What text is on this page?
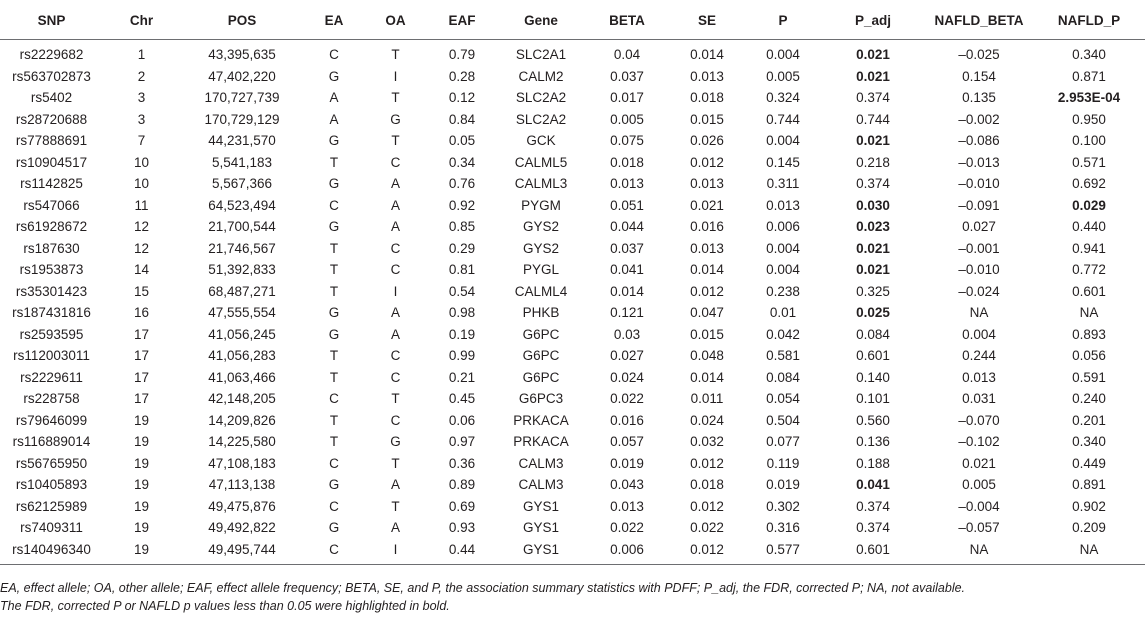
SNP	Chr	POS	EA	OA	EAF	Gene	BETA	SE	P	P_adj	NAFLD_BETA	NAFLD_P
rs2229682	1	43,395,635	C	T	0.79	SLC2A1	0.04	0.014	0.004	0.021	–0.025	0.340
rs563702873	2	47,402,220	G	I	0.28	CALM2	0.037	0.013	0.005	0.021	0.154	0.871
rs5402	3	170,727,739	A	T	0.12	SLC2A2	0.017	0.018	0.324	0.374	0.135	2.953E-04
rs28720688	3	170,729,129	A	G	0.84	SLC2A2	0.005	0.015	0.744	0.744	–0.002	0.950
rs77888691	7	44,231,570	G	T	0.05	GCK	0.075	0.026	0.004	0.021	–0.086	0.100
rs10904517	10	5,541,183	T	C	0.34	CALML5	0.018	0.012	0.145	0.218	–0.013	0.571
rs1142825	10	5,567,366	G	A	0.76	CALML3	0.013	0.013	0.311	0.374	–0.010	0.692
rs547066	11	64,523,494	C	A	0.92	PYGM	0.051	0.021	0.013	0.030	–0.091	0.029
rs61928672	12	21,700,544	G	A	0.85	GYS2	0.044	0.016	0.006	0.023	0.027	0.440
rs187630	12	21,746,567	T	C	0.29	GYS2	0.037	0.013	0.004	0.021	–0.001	0.941
rs1953873	14	51,392,833	T	C	0.81	PYGL	0.041	0.014	0.004	0.021	–0.010	0.772
rs35301423	15	68,487,271	T	I	0.54	CALML4	0.014	0.012	0.238	0.325	–0.024	0.601
rs187431816	16	47,555,554	G	A	0.98	PHKB	0.121	0.047	0.01	0.025	NA	NA
rs2593595	17	41,056,245	G	A	0.19	G6PC	0.03	0.015	0.042	0.084	0.004	0.893
rs112003011	17	41,056,283	T	C	0.99	G6PC	0.027	0.048	0.581	0.601	0.244	0.056
rs2229611	17	41,063,466	T	C	0.21	G6PC	0.024	0.014	0.084	0.140	0.013	0.591
rs228758	17	42,148,205	C	T	0.45	G6PC3	0.022	0.011	0.054	0.101	0.031	0.240
rs79646099	19	14,209,826	T	C	0.06	PRKACA	0.016	0.024	0.504	0.560	–0.070	0.201
rs116889014	19	14,225,580	T	G	0.97	PRKACA	0.057	0.032	0.077	0.136	–0.102	0.340
rs56765950	19	47,108,183	C	T	0.36	CALM3	0.019	0.012	0.119	0.188	0.021	0.449
rs10405893	19	47,113,138	G	A	0.89	CALM3	0.043	0.018	0.019	0.041	0.005	0.891
rs62125989	19	49,475,876	C	T	0.69	GYS1	0.013	0.012	0.302	0.374	–0.004	0.902
rs7409311	19	49,492,822	G	A	0.93	GYS1	0.022	0.022	0.316	0.374	–0.057	0.209
rs140496340	19	49,495,744	C	I	0.44	GYS1	0.006	0.012	0.577	0.601	NA	NA

EA, effect allele; OA, other allele; EAF, effect allele frequency; BETA, SE, and P, the association summary statistics with PDFF; P_adj, the FDR, corrected P; NA, not available.

The FDR, corrected P or NAFLD p values less than 0.05 were highlighted in bold.
